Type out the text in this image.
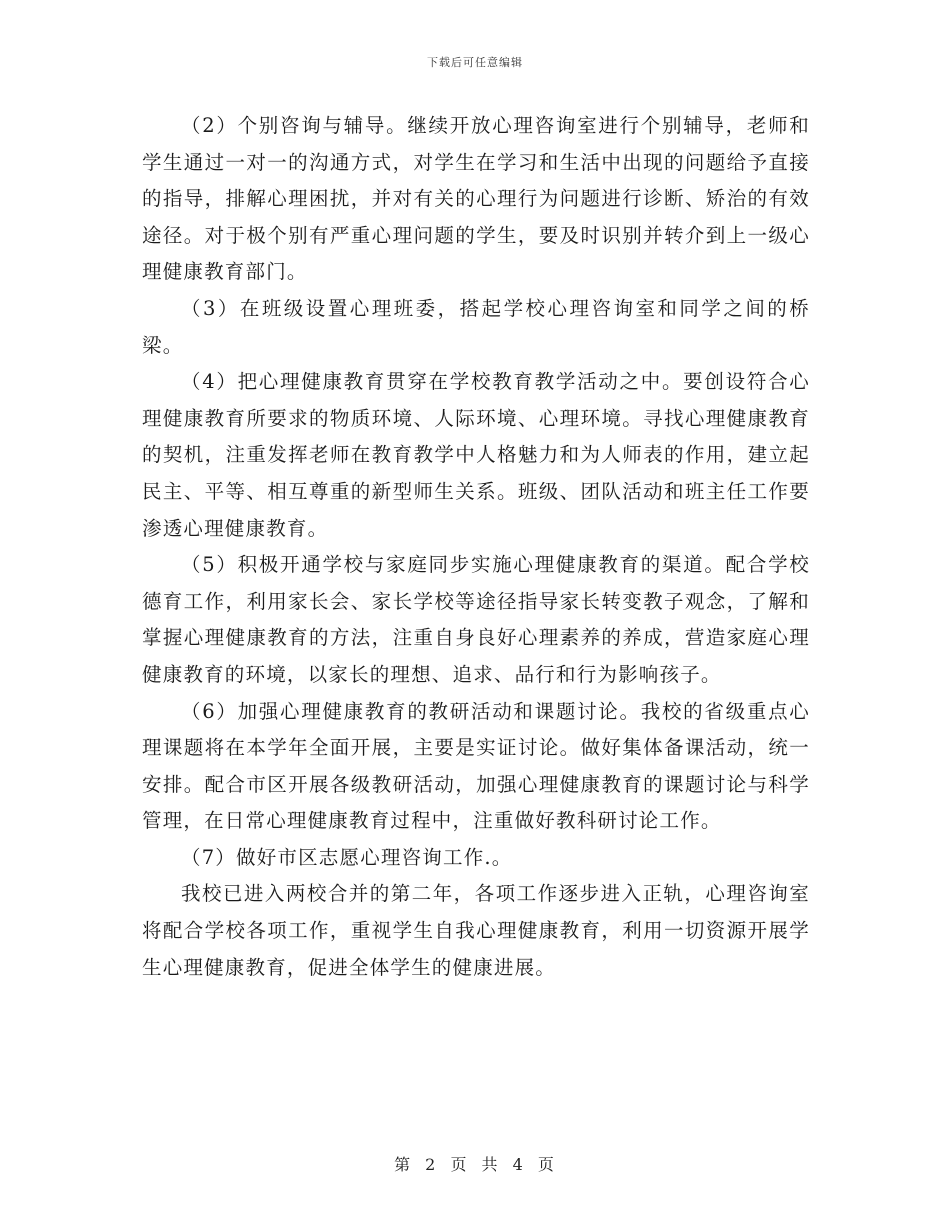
下载后可任意编辑

（2）个别咨询与辅导。继续开放心理咨询室进行个别辅导，老师和学生通过一对一的沟通方式，对学生在学习和生活中出现的问题给予直接的指导，排解心理困扰，并对有关的心理行为问题进行诊断、矫治的有效途径。对于极个别有严重心理问题的学生，要及时识别并转介到上一级心理健康教育部门。

（3）在班级设置心理班委，搭起学校心理咨询室和同学之间的桥梁。

（4）把心理健康教育贯穿在学校教育教学活动之中。要创设符合心理健康教育所要求的物质环境、人际环境、心理环境。寻找心理健康教育的契机，注重发挥老师在教育教学中人格魅力和为人师表的作用，建立起民主、平等、相互尊重的新型师生关系。班级、团队活动和班主任工作要渗透心理健康教育。

（5）积极开通学校与家庭同步实施心理健康教育的渠道。配合学校德育工作，利用家长会、家长学校等途径指导家长转变教子观念，了解和掌握心理健康教育的方法，注重自身良好心理素养的养成，营造家庭心理健康教育的环境，以家长的理想、追求、品行和行为影响孩子。

（6）加强心理健康教育的教研活动和课题讨论。我校的省级重点心理课题将在本学年全面开展，主要是实证讨论。做好集体备课活动，统一安排。配合市区开展各级教研活动，加强心理健康教育的课题讨论与科学管理，在日常心理健康教育过程中，注重做好教科研讨论工作。

（7）做好市区志愿心理咨询工作.。

我校已进入两校合并的第二年，各项工作逐步进入正轨，心理咨询室将配合学校各项工作，重视学生自我心理健康教育，利用一切资源开展学生心理健康教育，促进全体学生的健康进展。

第 2 页 共 4 页
